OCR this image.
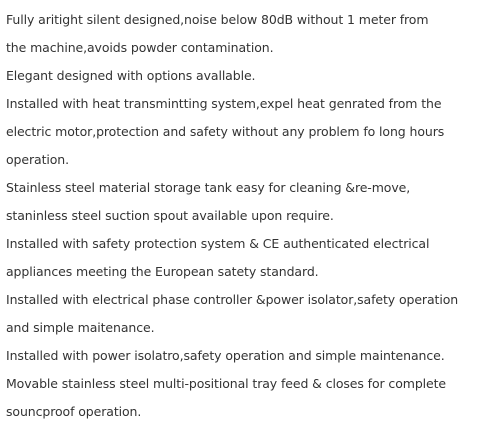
Fully aritight silent designed,noise below 80dB without 1 meter from
the machine,avoids powder contamination.
Elegant designed with options avallable.
Installed with heat transmintting system,expel heat genrated from the
electric motor,protection and safety without any problem fo long hours
operation.
Stainless steel material storage tank easy for cleaning &re-move,
staninless steel suction spout available upon require.
Installed with safety protection system & CE authenticated electrical
appliances meeting the European satety standard.
Installed with electrical phase controller &power isolator,safety operation
and simple maitenance.
Installed with power isolatro,safety operation and simple maintenance.
Movable stainless steel multi-positional tray feed & closes for complete
souncproof operation.
